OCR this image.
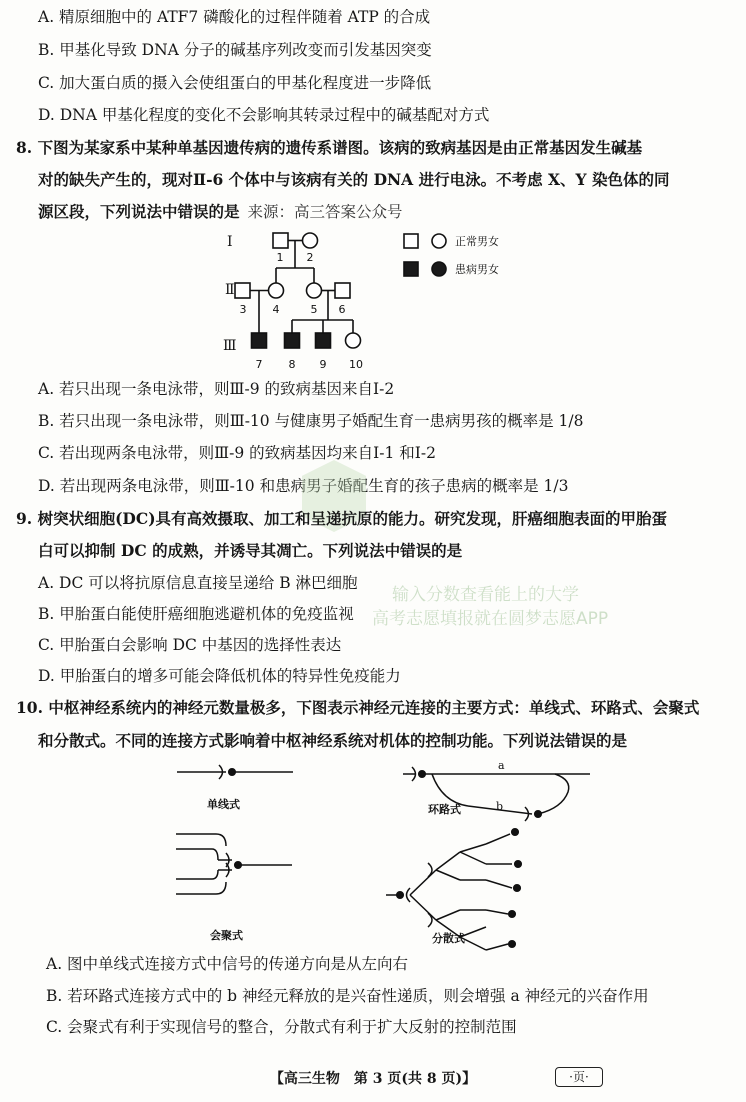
A. 精原细胞中的 ATF7 磷酸化的过程伴随着 ATP 的合成
B. 甲基化导致 DNA 分子的碱基序列改变而引发基因突变
C. 加大蛋白质的摄入会使组蛋白的甲基化程度进一步降低
D. DNA 甲基化程度的变化不会影响其转录过程中的碱基配对方式
8. 下图为某家系中某种单基因遗传病的遗传系谱图。该病的致病基因是由正常基因发生碱基
对的缺失产生的，现对Ⅱ-6 个体中与该病有关的 DNA 进行电泳。不考虑 X、Y 染色体的同
源区段，下列说法中错误的是 来源：高三答案公众号
Ⅰ
Ⅱ
Ⅲ
1 2
3 4	5 6
7 8 9 10
正常男女
患病男女
A. 若只出现一条电泳带，则Ⅲ-9 的致病基因来自Ⅰ-2
B. 若只出现一条电泳带，则Ⅲ-10 与健康男子婚配生育一患病男孩的概率是 1/8
C. 若出现两条电泳带，则Ⅲ-9 的致病基因均来自Ⅰ-1 和Ⅰ-2
D. 若出现两条电泳带，则Ⅲ-10 和患病男子婚配生育的孩子患病的概率是 1/3
输入分数查看能上的大学
高考志愿填报就在圆梦志愿APP
9. 树突状细胞(DC)具有高效摄取、加工和呈递抗原的能力。研究发现，肝癌细胞表面的甲胎蛋
白可以抑制 DC 的成熟，并诱导其凋亡。下列说法中错误的是
A. DC 可以将抗原信息直接呈递给 B 淋巴细胞
B. 甲胎蛋白能使肝癌细胞逃避机体的免疫监视
C. 甲胎蛋白会影响 DC 中基因的选择性表达
D. 甲胎蛋白的增多可能会降低机体的特异性免疫能力
10. 中枢神经系统内的神经元数量极多，下图表示神经元连接的主要方式：单线式、环路式、会聚式
和分散式。不同的连接方式影响着中枢神经系统对机体的控制功能。下列说法错误的是
单线式	环路式
会聚式	分散式
a
b
A. 图中单线式连接方式中信号的传递方向是从左向右
B. 若环路式连接方式中的 b 神经元释放的是兴奋性递质，则会增强 a 神经元的兴奋作用
C. 会聚式有利于实现信号的整合，分散式有利于扩大反射的控制范围
【高三生物　第 3 页(共 8 页)】	·页·
